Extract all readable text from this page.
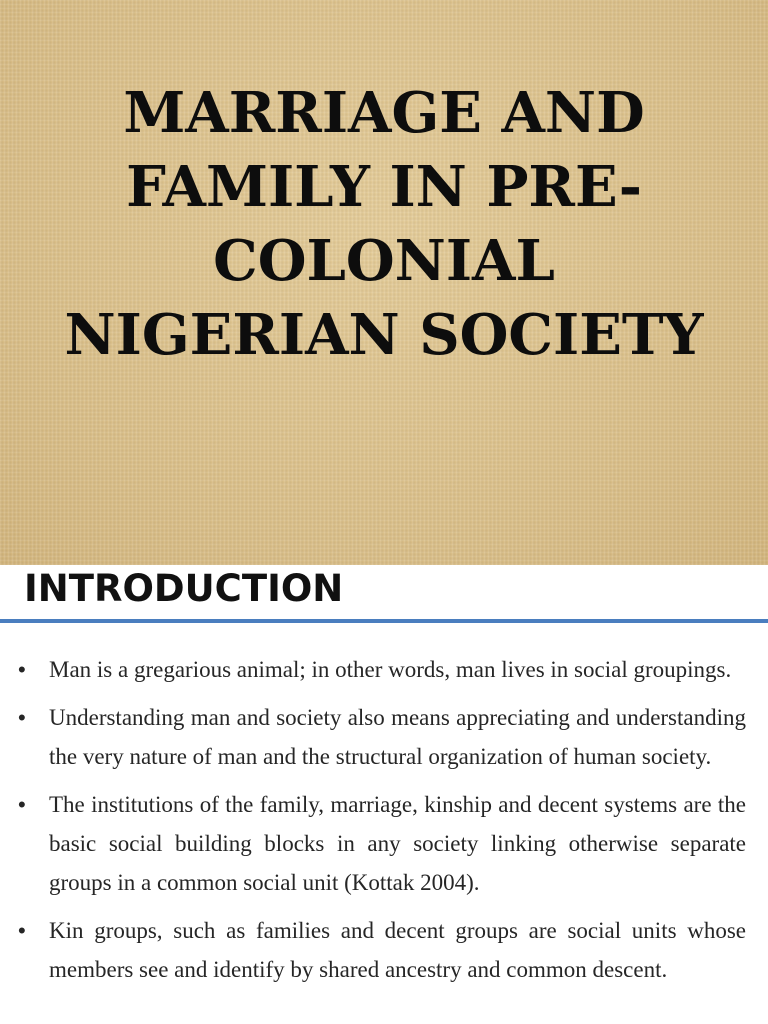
MARRIAGE AND
FAMILY IN PRE-
COLONIAL
NIGERIAN SOCIETY
INTRODUCTION
•	Man is a gregarious animal; in other words, man lives in social groupings.
•	Understanding man and society also means appreciating and understanding the very nature of man and the structural organization of human society.
•	The institutions of the family, marriage, kinship and decent systems are the basic social building blocks in any society linking otherwise separate groups in a common social unit (Kottak 2004).
•	Kin groups, such as families and decent groups are social units whose members see and identify by shared ancestry and common descent.
